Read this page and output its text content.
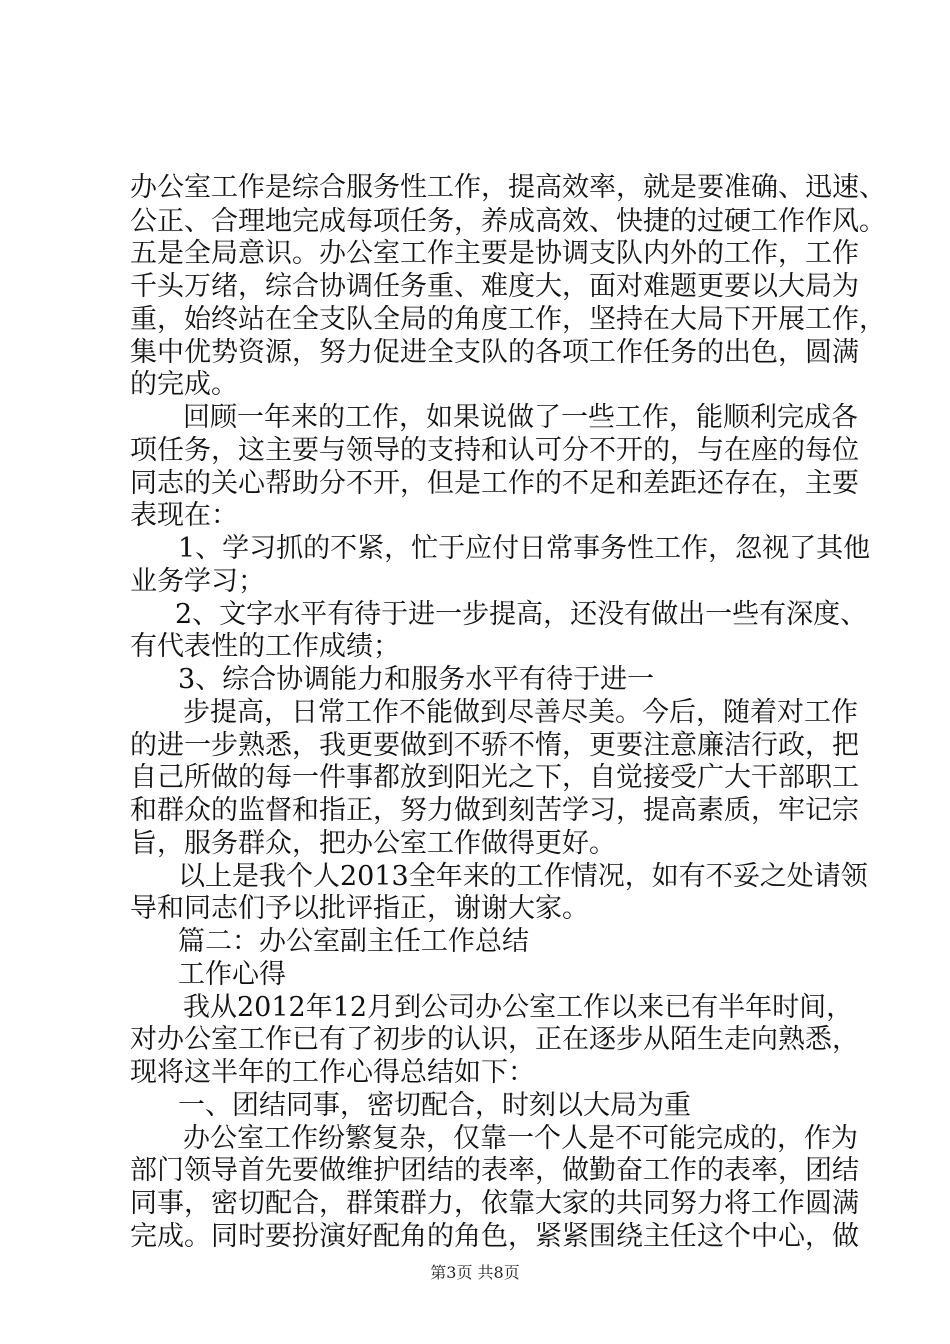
办公室工作是综合服务性工作，提高效率，就是要准确、迅速、
公正、合理地完成每项任务，养成高效、快捷的过硬工作作风。
五是全局意识。办公室工作主要是协调支队内外的工作，工作
千头万绪，综合协调任务重、难度大，面对难题更要以大局为
重，始终站在全支队全局的角度工作，坚持在大局下开展工作，
集中优势资源，努力促进全支队的各项工作任务的出色，圆满
的完成。
回顾一年来的工作，如果说做了一些工作，能顺利完成各
项任务，这主要与领导的支持和认可分不开的，与在座的每位
同志的关心帮助分不开，但是工作的不足和差距还存在，主要
表现在：
1、学习抓的不紧，忙于应付日常事务性工作，忽视了其他
业务学习；
2、文字水平有待于进一步提高，还没有做出一些有深度、
有代表性的工作成绩；
3、综合协调能力和服务水平有待于进一
步提高，日常工作不能做到尽善尽美。今后，随着对工作
的进一步熟悉，我更要做到不骄不惰，更要注意廉洁行政，把
自己所做的每一件事都放到阳光之下，自觉接受广大干部职工
和群众的监督和指正，努力做到刻苦学习，提高素质，牢记宗
旨，服务群众，把办公室工作做得更好。
以上是我个人2013全年来的工作情况，如有不妥之处请领
导和同志们予以批评指正，谢谢大家。
篇二：办公室副主任工作总结
工作心得
我从2012年12月到公司办公室工作以来已有半年时间，
对办公室工作已有了初步的认识，正在逐步从陌生走向熟悉，
现将这半年的工作心得总结如下：
一、团结同事，密切配合，时刻以大局为重
办公室工作纷繁复杂，仅靠一个人是不可能完成的，作为
部门领导首先要做维护团结的表率，做勤奋工作的表率，团结
同事，密切配合，群策群力，依靠大家的共同努力将工作圆满
完成。同时要扮演好配角的角色，紧紧围绕主任这个中心，做
第3页 共8页
